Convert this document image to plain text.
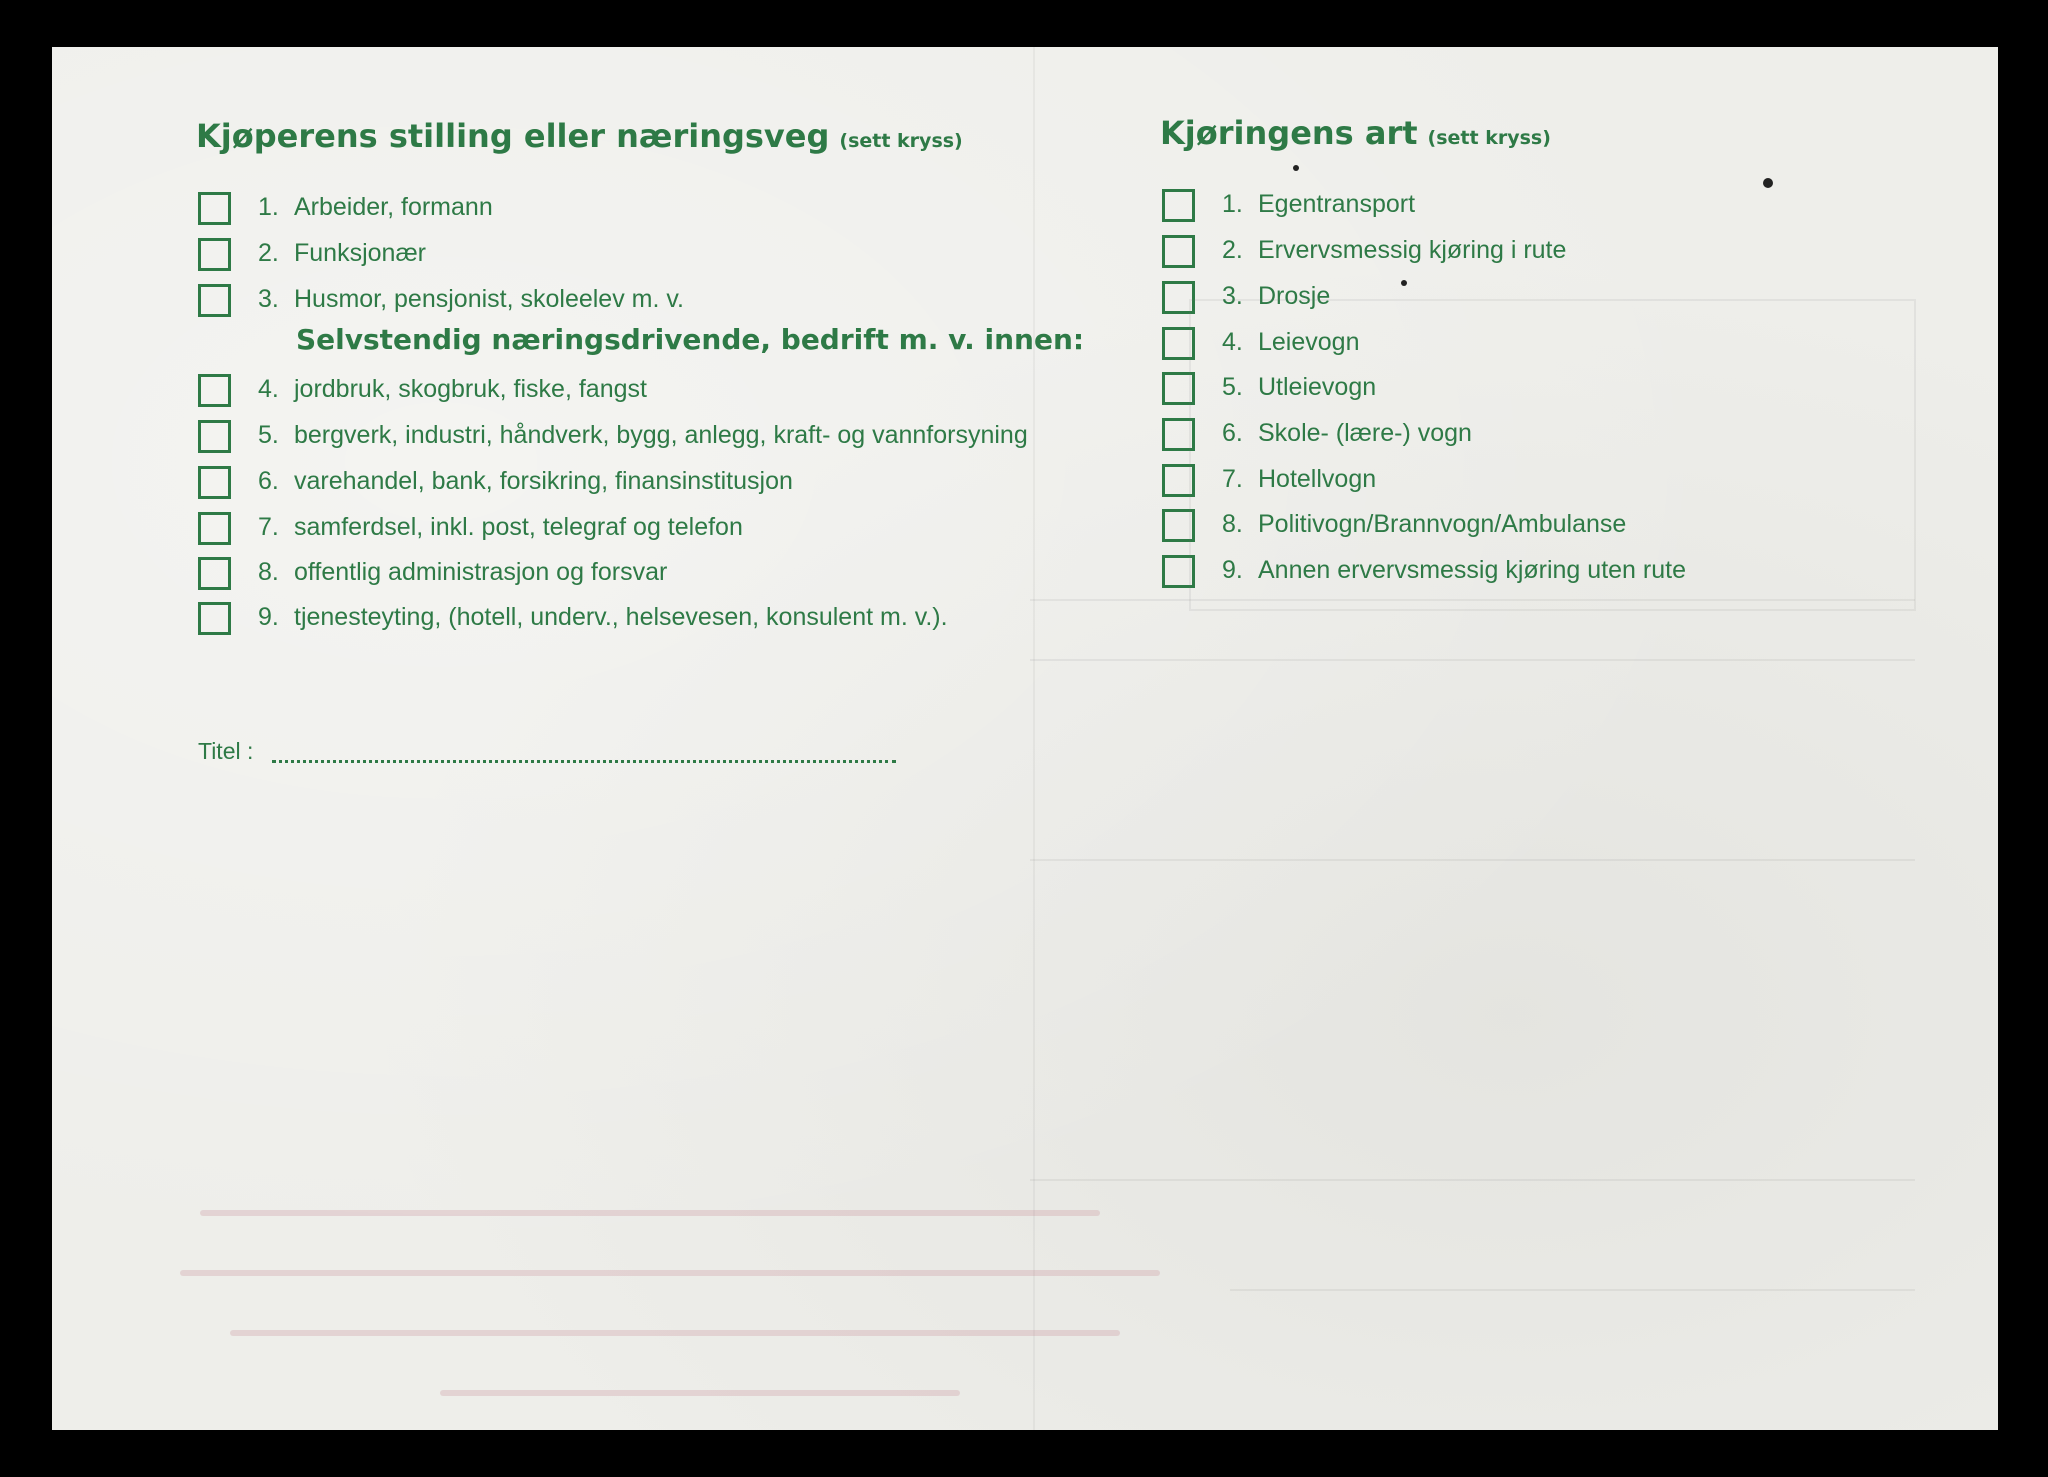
Kjøperens stilling eller næringsveg (sett kryss)
1. Arbeider, formann
2. Funksjonær
3. Husmor, pensjonist, skoleelev m. v.
Selvstendig næringsdrivende, bedrift m. v. innen:
4. jordbruk, skogbruk, fiske, fangst
5. bergverk, industri, håndverk, bygg, anlegg, kraft- og vannforsyning
6. varehandel, bank, forsikring, finansinstitusjon
7. samferdsel, inkl. post, telegraf og telefon
8. offentlig administrasjon og forsvar
9. tjenesteyting, (hotell, underv., helsevesen, konsulent m. v.).
Titel :
Kjøringens art (sett kryss)
1. Egentransport
2. Ervervsmessig kjøring i rute
3. Drosje
4. Leievogn
5. Utleievogn
6. Skole- (lære-) vogn
7. Hotellvogn
8. Politivogn/Brannvogn/Ambulanse
9. Annen ervervsmessig kjøring uten rute
